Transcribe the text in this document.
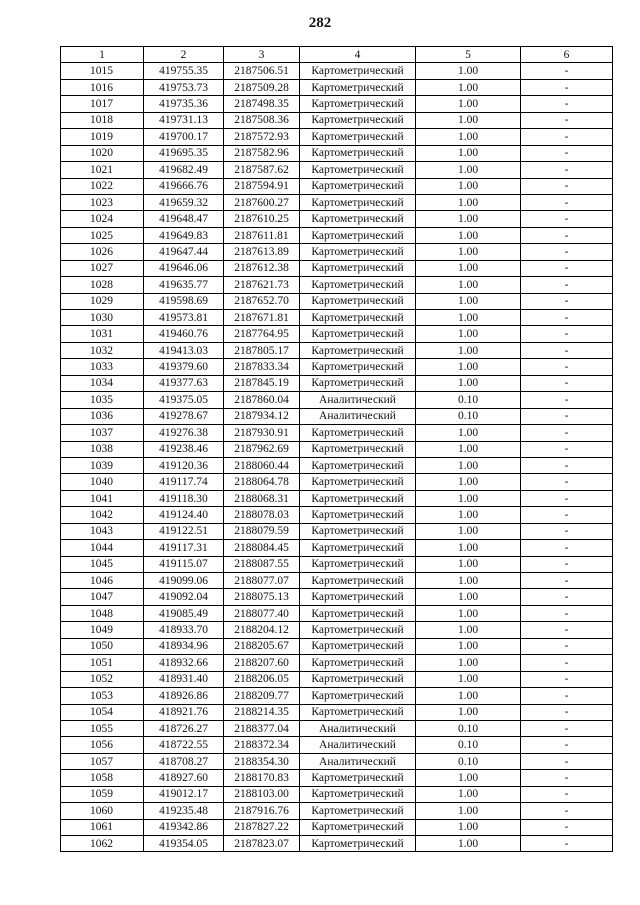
282
1	2	3	4	5	6
1015	419755.35	2187506.51	Картометрический	1.00	-
1016	419753.73	2187509.28	Картометрический	1.00	-
1017	419735.36	2187498.35	Картометрический	1.00	-
1018	419731.13	2187508.36	Картометрический	1.00	-
1019	419700.17	2187572.93	Картометрический	1.00	-
1020	419695.35	2187582.96	Картометрический	1.00	-
1021	419682.49	2187587.62	Картометрический	1.00	-
1022	419666.76	2187594.91	Картометрический	1.00	-
1023	419659.32	2187600.27	Картометрический	1.00	-
1024	419648.47	2187610.25	Картометрический	1.00	-
1025	419649.83	2187611.81	Картометрический	1.00	-
1026	419647.44	2187613.89	Картометрический	1.00	-
1027	419646.06	2187612.38	Картометрический	1.00	-
1028	419635.77	2187621.73	Картометрический	1.00	-
1029	419598.69	2187652.70	Картометрический	1.00	-
1030	419573.81	2187671.81	Картометрический	1.00	-
1031	419460.76	2187764.95	Картометрический	1.00	-
1032	419413.03	2187805.17	Картометрический	1.00	-
1033	419379.60	2187833.34	Картометрический	1.00	-
1034	419377.63	2187845.19	Картометрический	1.00	-
1035	419375.05	2187860.04	Аналитический	0.10	-
1036	419278.67	2187934.12	Аналитический	0.10	-
1037	419276.38	2187930.91	Картометрический	1.00	-
1038	419238.46	2187962.69	Картометрический	1.00	-
1039	419120.36	2188060.44	Картометрический	1.00	-
1040	419117.74	2188064.78	Картометрический	1.00	-
1041	419118.30	2188068.31	Картометрический	1.00	-
1042	419124.40	2188078.03	Картометрический	1.00	-
1043	419122.51	2188079.59	Картометрический	1.00	-
1044	419117.31	2188084.45	Картометрический	1.00	-
1045	419115.07	2188087.55	Картометрический	1.00	-
1046	419099.06	2188077.07	Картометрический	1.00	-
1047	419092.04	2188075.13	Картометрический	1.00	-
1048	419085.49	2188077.40	Картометрический	1.00	-
1049	418933.70	2188204.12	Картометрический	1.00	-
1050	418934.96	2188205.67	Картометрический	1.00	-
1051	418932.66	2188207.60	Картометрический	1.00	-
1052	418931.40	2188206.05	Картометрический	1.00	-
1053	418926.86	2188209.77	Картометрический	1.00	-
1054	418921.76	2188214.35	Картометрический	1.00	-
1055	418726.27	2188377.04	Аналитический	0.10	-
1056	418722.55	2188372.34	Аналитический	0.10	-
1057	418708.27	2188354.30	Аналитический	0.10	-
1058	418927.60	2188170.83	Картометрический	1.00	-
1059	419012.17	2188103.00	Картометрический	1.00	-
1060	419235.48	2187916.76	Картометрический	1.00	-
1061	419342.86	2187827.22	Картометрический	1.00	-
1062	419354.05	2187823.07	Картометрический	1.00	-
